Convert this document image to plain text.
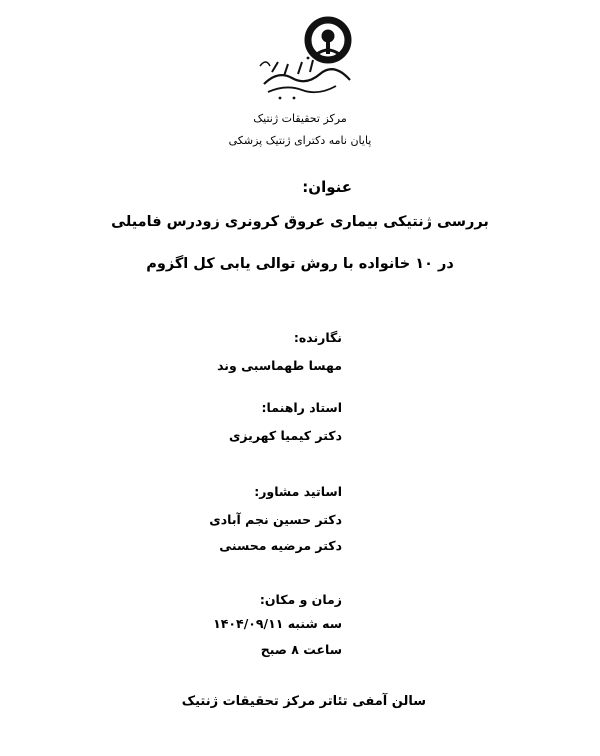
مرکز تحقیقات ژنتیک
پایان نامه دکترای ژنتیک پزشکی
عنوان:
بررسی ژنتیکی بیماری عروق کرونری زودرس فامیلی
در ۱۰ خانواده با روش توالی یابی کل اگزوم
نگارنده:
مهسا طهماسبی وند
استاد راهنما:
دکتر کیمیا کهریزی
اساتید مشاور:
دکتر حسین نجم آبادی
دکتر مرضیه محسنی
زمان و مکان:
سه شنبه ۱۴۰۴/۰۹/۱۱
ساعت ۸ صبح
سالن آمفی تئاتر مرکز تحقیقات ژنتیک
